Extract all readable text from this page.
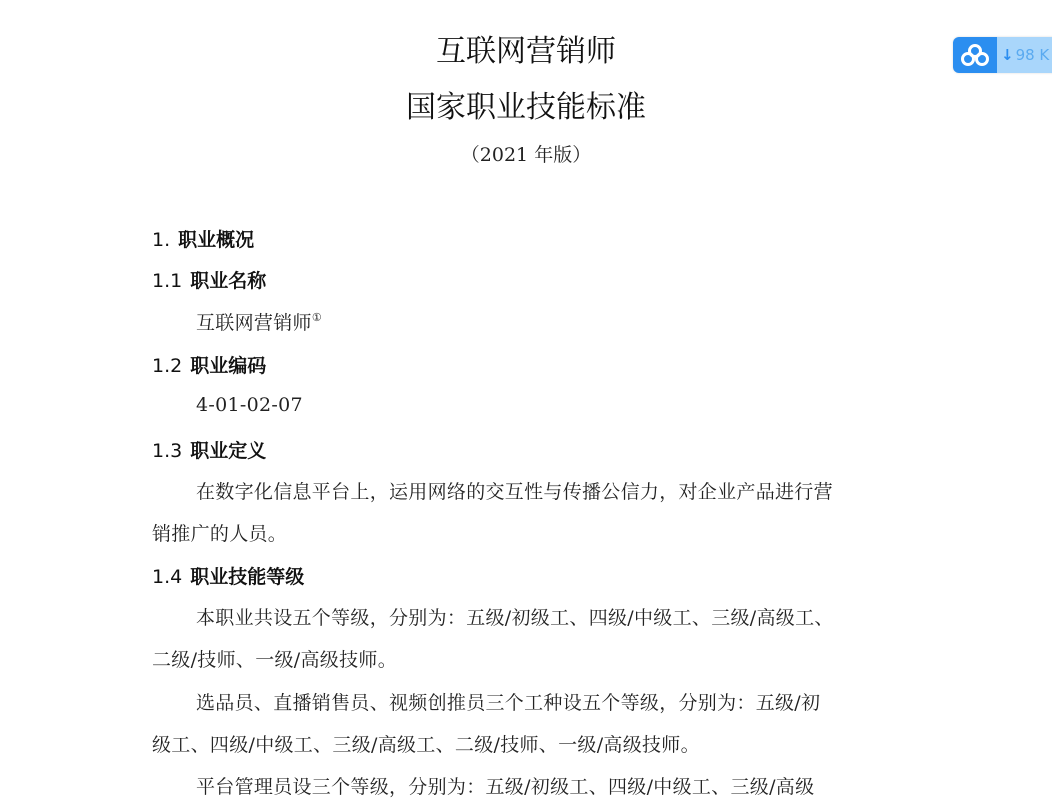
互联网营销师
国家职业技能标准
（2021 年版）
1. 职业概况
1.1 职业名称
互联网营销师①
1.2 职业编码
4-01-02-07
1.3 职业定义
在数字化信息平台上，运用网络的交互性与传播公信力，对企业产品进行营
销推广的人员。
1.4 职业技能等级
本职业共设五个等级，分别为：五级/初级工、四级/中级工、三级/高级工、
二级/技师、一级/高级技师。
选品员、直播销售员、视频创推员三个工种设五个等级，分别为：五级/初
级工、四级/中级工、三级/高级工、二级/技师、一级/高级技师。
平台管理员设三个等级，分别为：五级/初级工、四级/中级工、三级/高级
↓ 98 K
